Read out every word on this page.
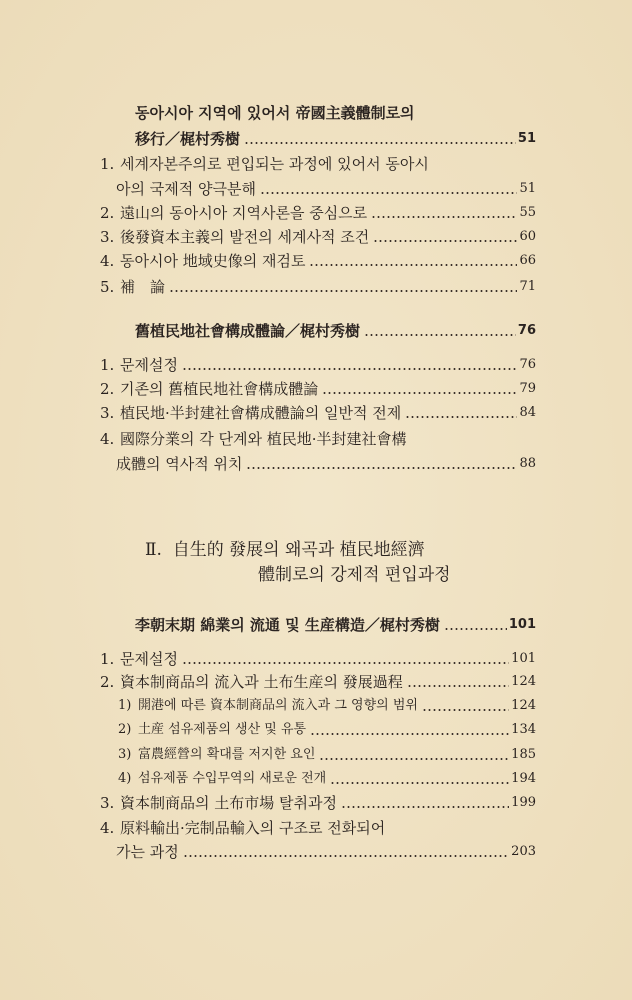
동아시아 지역에 있어서 帝國主義體制로의
移行／梶村秀樹	51
1. 세계자본주의로 편입되는 과정에 있어서 동아시
아의 국제적 양극분해	51
2. 遠山의 동아시아 지역사론을 중심으로	55
3. 後發資本主義의 발전의 세계사적 조건	60
4. 동아시아 地域史像의 재검토	66
5. 補　論	71
舊植民地社會構成體論／梶村秀樹	76
1. 문제설정	76
2. 기존의 舊植民地社會構成體論	79
3. 植民地·半封建社會構成體論의 일반적 전제	84
4. 國際分業의 각 단계와 植民地·半封建社會構
成體의 역사적 위치	88
Ⅱ. 自生的 發展의 왜곡과 植民地經濟
體制로의 강제적 편입과정
李朝末期 綿業의 流通 및 生産構造／梶村秀樹	101
1. 문제설정	101
2. 資本制商品의 流入과 土布生産의 發展過程	124
1) 開港에 따른 資本制商品의 流入과 그 영향의 범위	124
2) 土産 섬유제품의 생산 및 유통	134
3) 富農經營의 확대를 저지한 요인	185
4) 섬유제품 수입무역의 새로운 전개	194
3. 資本制商品의 土布市場 탈취과정	199
4. 原料輸出·完制品輸入의 구조로 전화되어
가는 과정	203
